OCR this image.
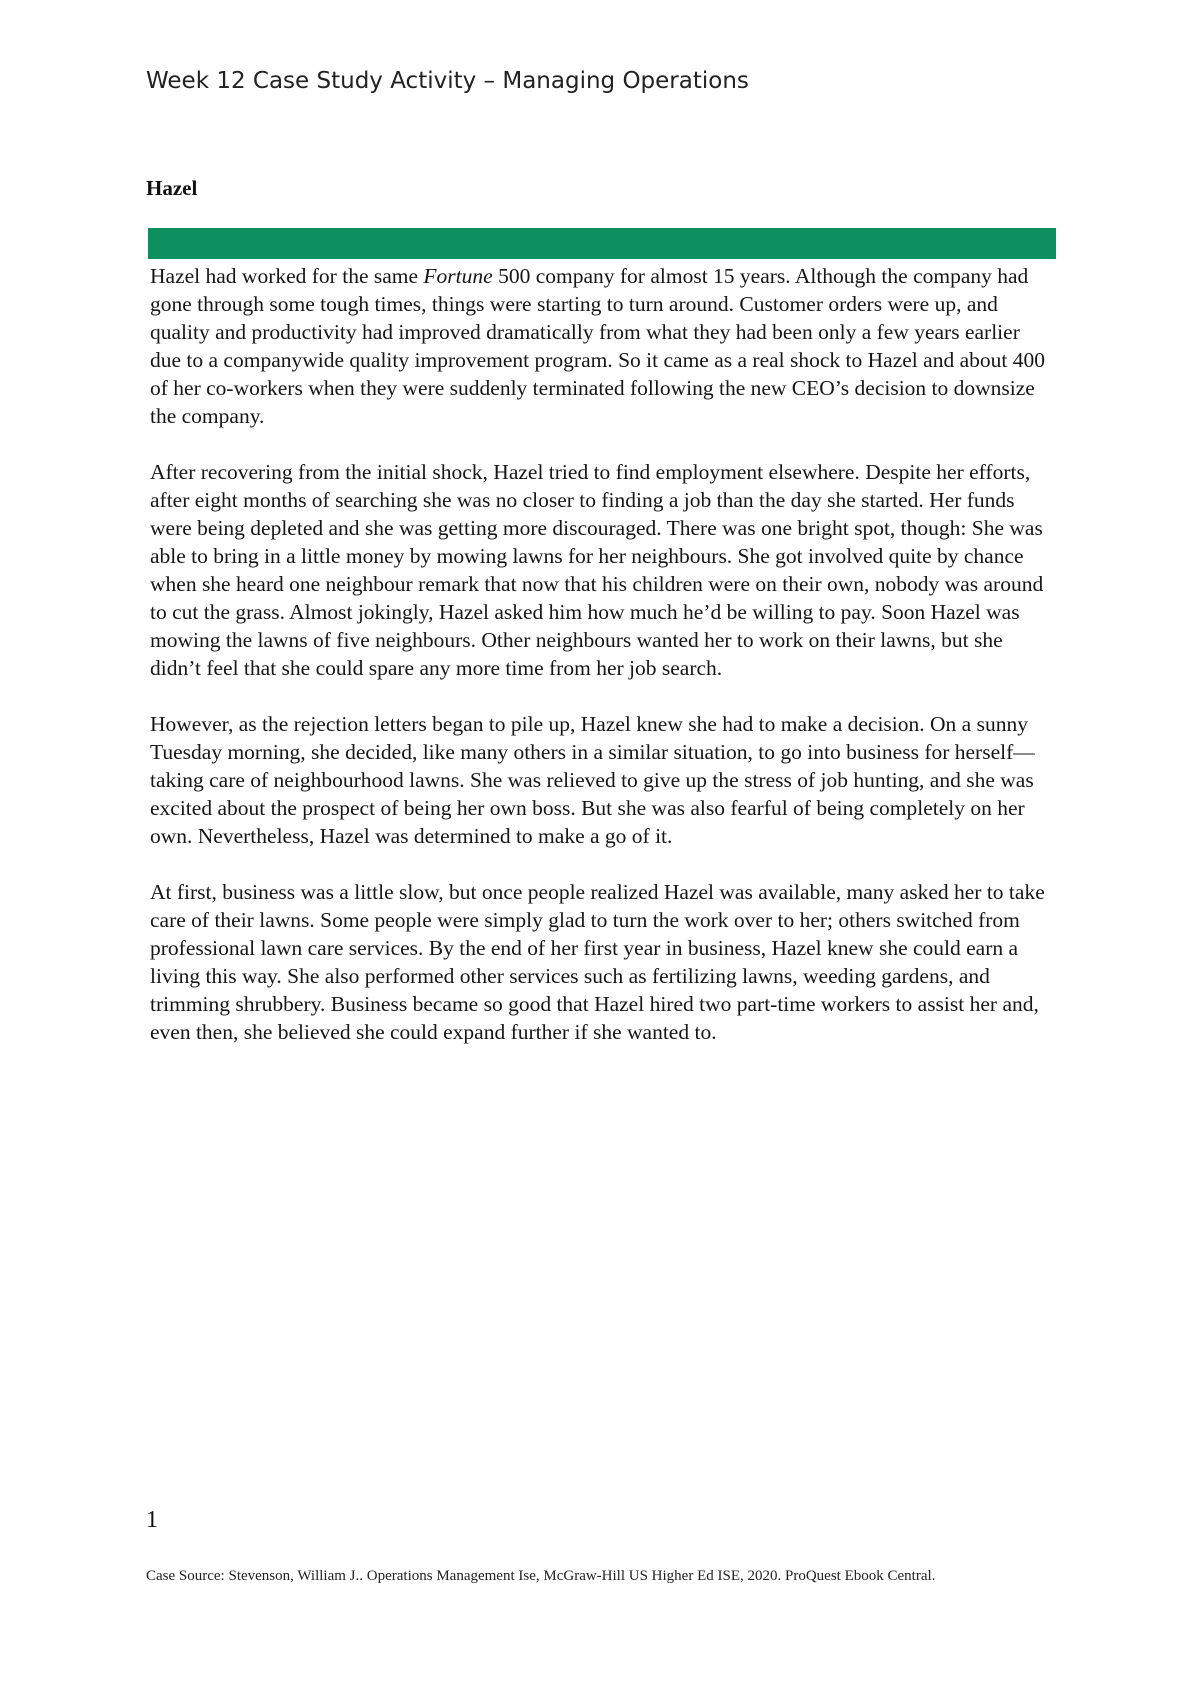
Week 12 Case Study Activity – Managing Operations
Hazel

Hazel had worked for the same Fortune 500 company for almost 15 years. Although the company had gone through some tough times, things were starting to turn around. Customer orders were up, and quality and productivity had improved dramatically from what they had been only a few years earlier due to a companywide quality improvement program. So it came as a real shock to Hazel and about 400 of her co-workers when they were suddenly terminated following the new CEO’s decision to downsize the company.

After recovering from the initial shock, Hazel tried to find employment elsewhere. Despite her efforts, after eight months of searching she was no closer to finding a job than the day she started. Her funds were being depleted and she was getting more discouraged. There was one bright spot, though: She was able to bring in a little money by mowing lawns for her neighbours. She got involved quite by chance when she heard one neighbour remark that now that his children were on their own, nobody was around to cut the grass. Almost jokingly, Hazel asked him how much he’d be willing to pay. Soon Hazel was mowing the lawns of five neighbours. Other neighbours wanted her to work on their lawns, but she didn’t feel that she could spare any more time from her job search.

However, as the rejection letters began to pile up, Hazel knew she had to make a decision. On a sunny Tuesday morning, she decided, like many others in a similar situation, to go into business for herself—taking care of neighbourhood lawns. She was relieved to give up the stress of job hunting, and she was excited about the prospect of being her own boss. But she was also fearful of being completely on her own. Nevertheless, Hazel was determined to make a go of it.

At first, business was a little slow, but once people realized Hazel was available, many asked her to take care of their lawns. Some people were simply glad to turn the work over to her; others switched from professional lawn care services. By the end of her first year in business, Hazel knew she could earn a living this way. She also performed other services such as fertilizing lawns, weeding gardens, and trimming shrubbery. Business became so good that Hazel hired two part-time workers to assist her and, even then, she believed she could expand further if she wanted to.

1

Case Source: Stevenson, William J.. Operations Management Ise, McGraw-Hill US Higher Ed ISE, 2020. ProQuest Ebook Central.
